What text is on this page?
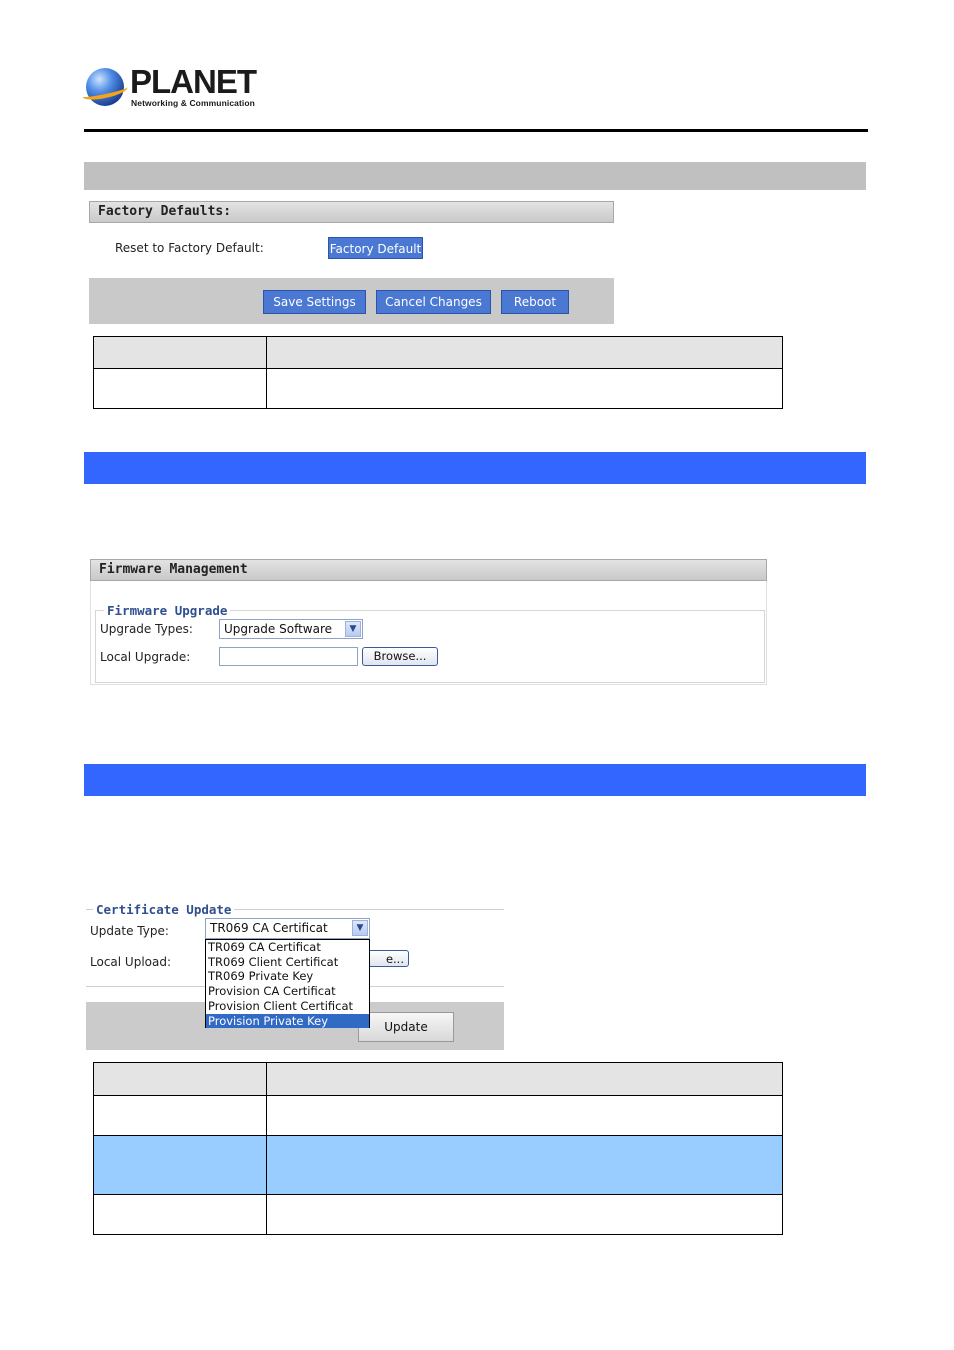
PLANET
Networking & Communication
Factory Defaults:
Reset to Factory Default:	Factory Default
Save Settings	Cancel Changes	Reboot

Firmware Management
Firmware Upgrade
Upgrade Types:	Upgrade Software	▼
Local Upgrade:	Browse...
Certificate Update
Update Type:	TR069 CA Certificat	▼
Local Upload:	e...
Update
TR069 CA Certificat
TR069 Client Certificat
TR069 Private Key
Provision CA Certificat
Provision Client Certificat
Provision Private Key
